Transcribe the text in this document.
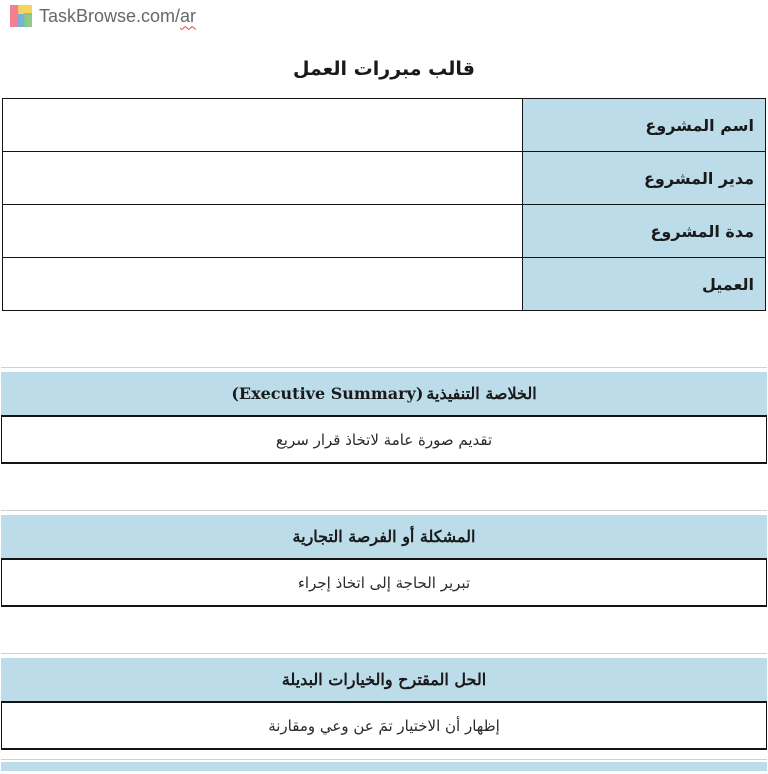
TaskBrowse.com/ar
قالب مبررات العمل
اسم المشروع	
مدير المشروع	
مدة المشروع	
العميل	
الخلاصة التنفيذية
(Executive Summary)
تقديم صورة عامة لاتخاذ قرار سريع
المشكلة أو الفرصة التجارية
تبرير الحاجة إلى اتخاذ إجراء
الحل المقترح والخيارات البديلة
إظهار أن الاختيار تمَ عن وعي ومقارنة
